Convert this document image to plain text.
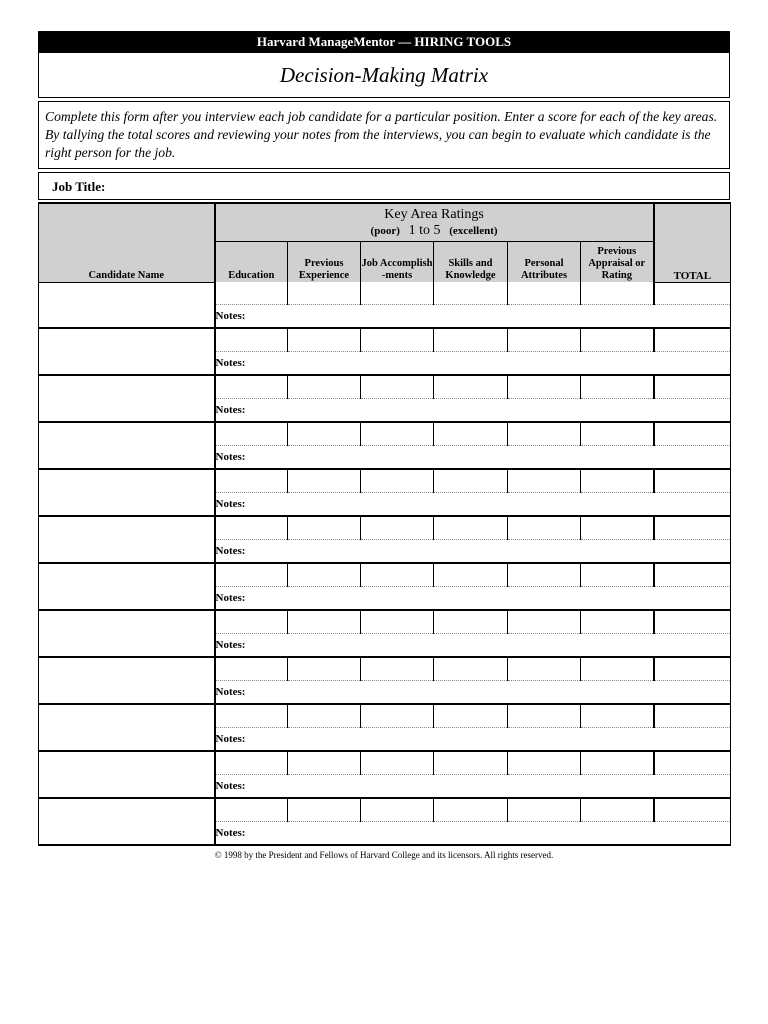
Harvard ManageMentor — HIRING TOOLS
Decision-Making Matrix
Complete this form after you interview each job candidate for a particular position. Enter a score for each of the key areas. By tallying the total scores and reviewing your notes from the interviews, you can begin to evaluate which candidate is the right person for the job.
Job Title:
Candidate Name	Key Area Ratings
(poor) 1 to 5 (excellent)						TOTAL
	Education	Previous Experience	Job Accomplish -ments	Skills and Knowledge	Personal Attributes	Previous Appraisal or Rating	

	Notes:						

	Notes:						

	Notes:						

	Notes:						

	Notes:						

	Notes:						

	Notes:						

	Notes:						

	Notes:						

	Notes:						

	Notes:						

	Notes:						
© 1998 by the President and Fellows of Harvard College and its licensors. All rights reserved.
